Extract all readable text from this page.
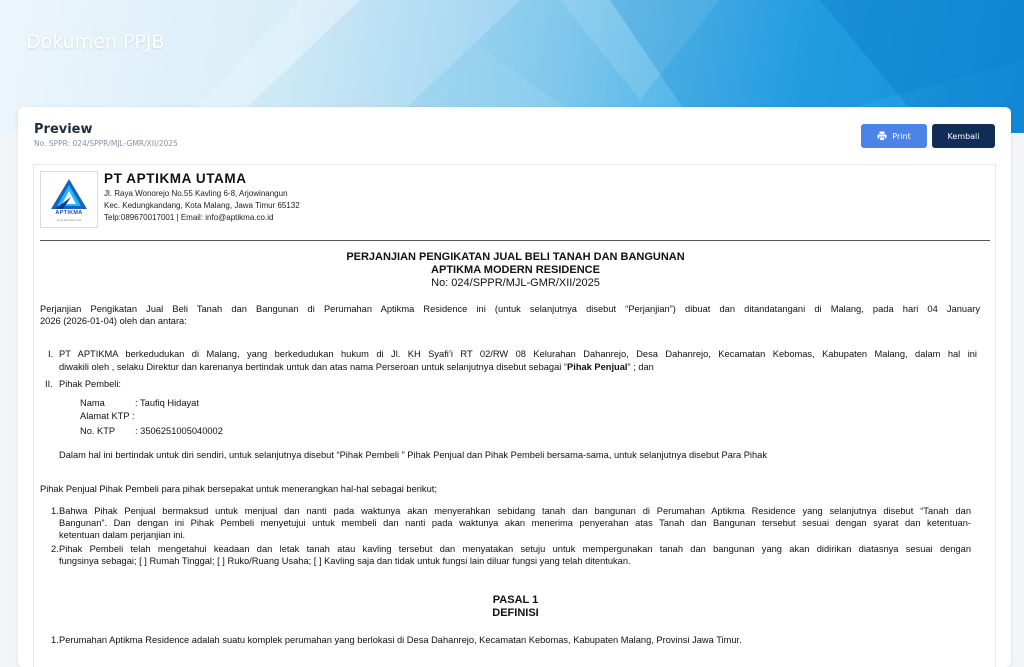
Dokumen PPJB
Preview
No. SPPR: 024/SPPR/MJL-GMR/XII/2025
Print	Kembali
APTIKMA
Let's Develop One
PT APTIKMA UTAMA
Jl. Raya Wonorejo No.55 Kavling 6-8, Arjowinangun
Kec. Kedungkandang, Kota Malang, Jawa Timur 65132
Telp:089670017001 | Email: info@aptikma.co.id
PERJANJIAN PENGIKATAN JUAL BELI TANAH DAN BANGUNAN
APTIKMA MODERN RESIDENCE
No: 024/SPPR/MJL-GMR/XII/2025
Perjanjian Pengikatan Jual Beli Tanah dan Bangunan di Perumahan Aptikma Residence ini (untuk selanjutnya disebut “Perjanjian”) dibuat dan ditandatangani di Malang, pada hari 04 January
2026 (2026-01-04) oleh dan antara:
I. PT APTIKMA berkedudukan di Malang, yang berkedudukan hukum di Jl. KH Syafi’i RT 02/RW 08 Kelurahan Dahanrejo, Desa Dahanrejo, Kecamatan Kebomas, Kabupaten Malang, dalam hal ini
diwakili oleh , selaku Direktur dan karenanya bertindak untuk dan atas nama Perseroan untuk selanjutnya disebut sebagai “Pihak Penjual” ; dan
II. Pihak Pembeli:
Nama	: Taufiq Hidayat
Alamat KTP :
No. KTP : 3506251005040002
Dalam hal ini bertindak untuk diri sendiri, untuk selanjutnya disebut “Pihak Pembeli ” Pihak Penjual dan Pihak Pembeli bersama-sama, untuk selanjutnya disebut Para Pihak
Pihak Penjual Pihak Pembeli para pihak bersepakat untuk menerangkan hal-hal sebagai berikut;
1. Bahwa Pihak Penjual bermaksud untuk menjual dan nanti pada waktunya akan menyerahkan sebidang tanah dan bangunan di Perumahan Aptikma Residence yang selanjutnya disebut “Tanah dan
Bangunan”. Dan dengan ini Pihak Pembeli menyetujui untuk membeli dan nanti pada waktunya akan menerima penyerahan atas Tanah dan Bangunan tersebut sesuai dengan syarat dan ketentuan-
ketentuan dalam perjanjian ini.
2. Pihak Pembeli telah mengetahui keadaan dan letak tanah atau kavling tersebut dan menyatakan setuju untuk mempergunakan tanah dan bangunan yang akan didirikan diatasnya sesuai dengan
fungsinya sebagai; [ ] Rumah Tinggal; [ ] Ruko/Ruang Usaha; [ ] Kavling saja dan tidak untuk fungsi lain diluar fungsi yang telah ditentukan.
PASAL 1
DEFINISI
1. Perumahan Aptikma Residence adalah suatu komplek perumahan yang berlokasi di Desa Dahanrejo, Kecamatan Kebomas, Kabupaten Malang, Provinsi Jawa Timur.
